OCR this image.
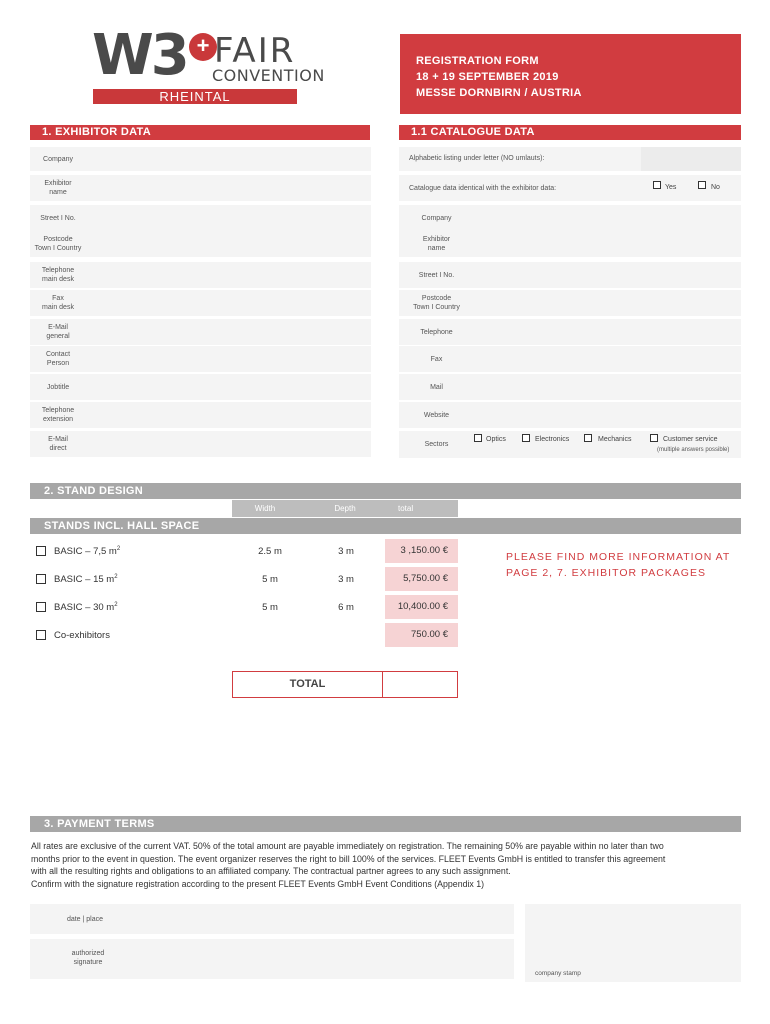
W3 + FAIR
CONVENTION
RHEINTAL
REGISTRATION FORM
18 + 19 SEPTEMBER 2019
MESSE DORNBIRN / AUSTRIA
1. EXHIBITOR DATA	1.1 CATALOGUE DATA
Company
Exhibitor
name
Street I No.
Postcode
Town I Country
Telephone
main desk
Fax
main desk
E-Mail
general
Contact
Person
Jobtitle
Telephone
extension
E-Mail
direct
Company
Exhibitor
name
Street I No.
Postcode
Town I Country
Telephone
Fax
Mail
Website
Alphabetic listing under letter (NO umlauts):
Catalogue data identical with the exhibitor data:	Yes	No
Sectors
Optics	Electronics	Mechanics	Customer service
(multiple answers possible)
2. STAND DESIGN
Width	Depth	total
STANDS INCL. HALL SPACE
BASIC – 7,5 $m^2$	2.5 m	3 m	3 ,150.00 €
BASIC – 15 $m^2$	5 m	3 m	5,750.00 €
BASIC – 30 $m^2$	5 m	6 m	10,400.00 €
Co-exhibitors	750.00 €
PLEASE FIND MORE INFORMATION AT
PAGE 2, 7. EXHIBITOR PACKAGES
TOTAL
3. PAYMENT TERMS
All rates are exclusive of the current VAT. 50% of the total amount are payable immediately on registration. The remaining 50% are payable within no later than two
months prior to the event in question. The event organizer reserves the right to bill 100% of the services. FLEET Events GmbH is entitled to transfer this agreement
with all the resulting rights and obligations to an affiliated company. The contractual partner agrees to any such assignment.
Confirm with the signature registration according to the present FLEET Events GmbH Event Conditions (Appendix 1)
date | place
authorized
signature
company stamp
